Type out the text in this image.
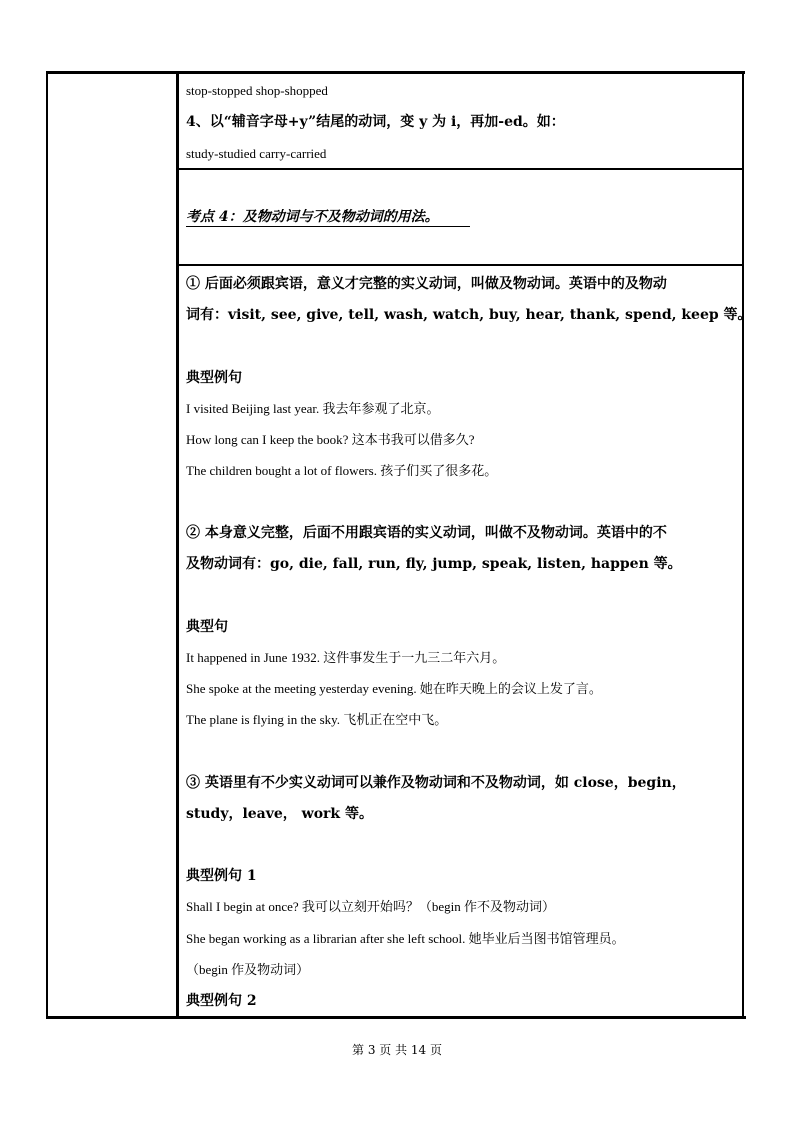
stop-stopped shop-shopped
4、以“辅音字母+y”结尾的动词，变 y 为 i，再加-ed。如：
study-studied carry-carried
考点 4：及物动词与不及物动词的用法。
① 后面必须跟宾语，意义才完整的实义动词，叫做及物动词。英语中的及物动
词有：visit, see, give, tell, wash, watch, buy, hear, thank, spend, keep 等。
典型例句
I visited Beijing last year. 我去年参观了北京。
How long can I keep the book? 这本书我可以借多久?
The children bought a lot of flowers. 孩子们买了很多花。
② 本身意义完整，后面不用跟宾语的实义动词，叫做不及物动词。英语中的不
及物动词有：go, die, fall, run, fly, jump, speak, listen, happen 等。
典型句
It happened in June 1932. 这件事发生于一九三二年六月。
She spoke at the meeting yesterday evening. 她在昨天晚上的会议上发了言。
The plane is flying in the sky. 飞机正在空中飞。
③ 英语里有不少实义动词可以兼作及物动词和不及物动词，如 close，begin，
study，leave， work 等。
典型例句 1
Shall I begin at once? 我可以立刻开始吗？（begin 作不及物动词）
She began working as a librarian after she left school. 她毕业后当图书馆管理员。
（begin 作及物动词）
典型例句 2
第 3 页 共 14 页
